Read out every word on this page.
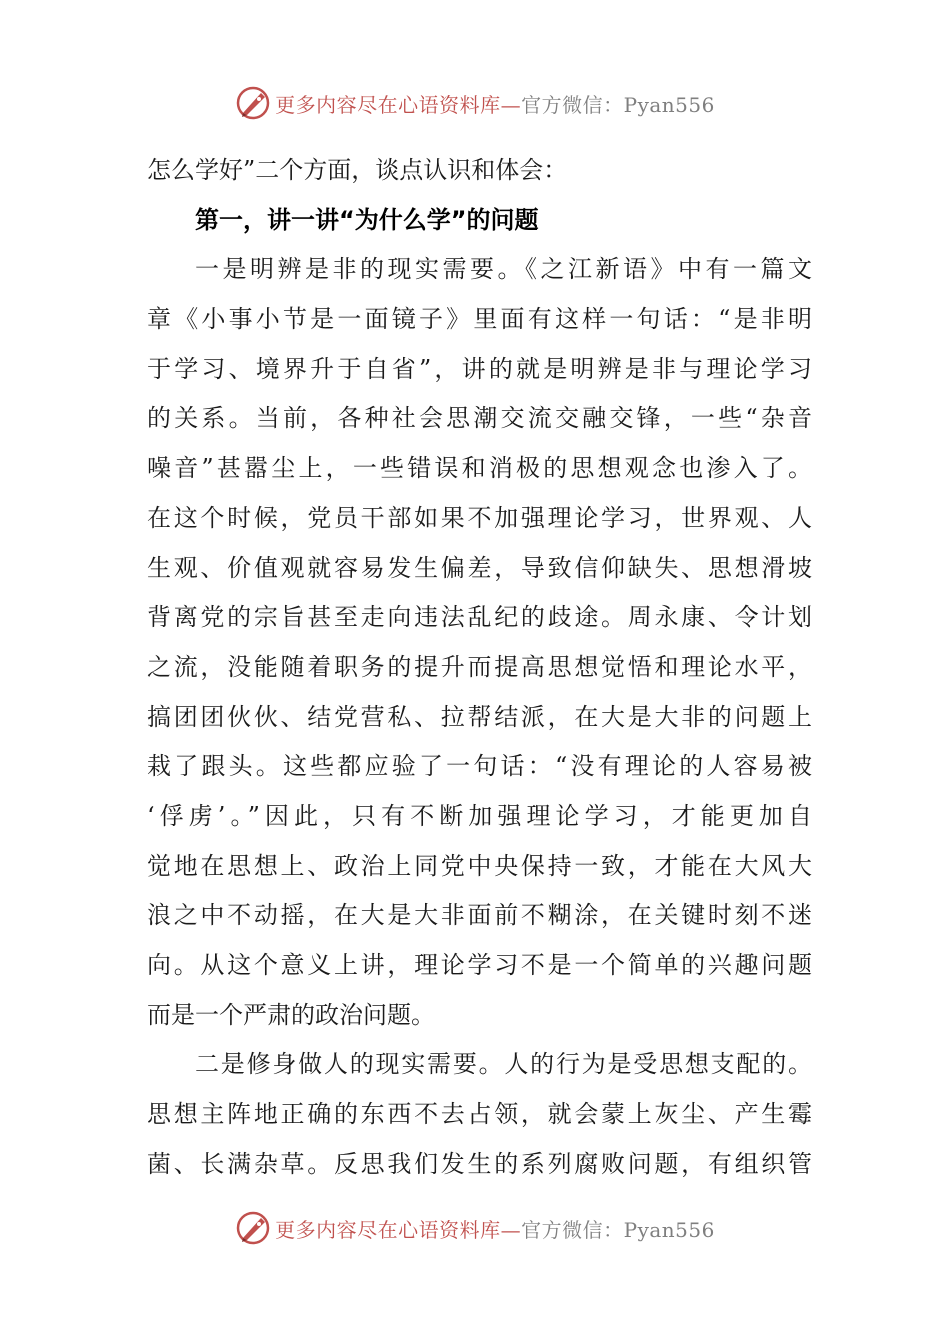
更多内容尽在心语资料库—官方微信：Pyan556
怎么学好”二个方面，谈点认识和体会：
第一，讲一讲“为什么学”的问题
一是明辨是非的现实需要。《之江新语》中有一篇文
章《小事小节是一面镜子》里面有这样一句话：“是非明
于学习、境界升于自省”，讲的就是明辨是非与理论学习
的关系。当前，各种社会思潮交流交融交锋，一些“杂音
噪音”甚嚣尘上，一些错误和消极的思想观念也渗入了。
在这个时候，党员干部如果不加强理论学习，世界观、人
生观、价值观就容易发生偏差，导致信仰缺失、思想滑坡
背离党的宗旨甚至走向违法乱纪的歧途。周永康、令计划
之流，没能随着职务的提升而提高思想觉悟和理论水平，
搞团团伙伙、结党营私、拉帮结派，在大是大非的问题上
栽了跟头。这些都应验了一句话：“没有理论的人容易被
‘俘虏’。”因此，只有不断加强理论学习，才能更加自
觉地在思想上、政治上同党中央保持一致，才能在大风大
浪之中不动摇，在大是大非面前不糊涂，在关键时刻不迷
向。从这个意义上讲，理论学习不是一个简单的兴趣问题
而是一个严肃的政治问题。
二是修身做人的现实需要。人的行为是受思想支配的。
思想主阵地正确的东西不去占领，就会蒙上灰尘、产生霉
菌、长满杂草。反思我们发生的系列腐败问题，有组织管
更多内容尽在心语资料库—官方微信：Pyan556
